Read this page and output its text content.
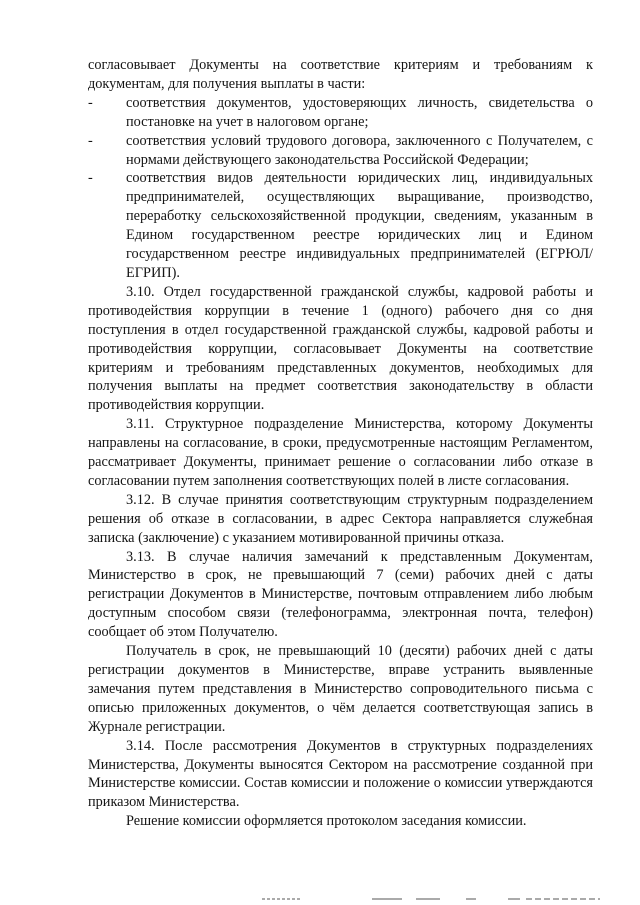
согласовывает Документы на соответствие критериям и требованиям к документам, для получения выплаты в части:

-	соответствия документов, удостоверяющих личность, свидетельства о постановке на учет в налоговом органе;
-	соответствия условий трудового договора, заключенного с Получателем, с нормами действующего законодательства Российской Федерации;
-	соответствия видов деятельности юридических лиц, индивидуальных предпринимателей, осуществляющих выращивание, производство, переработку сельскохозяйственной продукции, сведениям, указанным в Едином государственном реестре юридических лиц и Едином государственном реестре индивидуальных предпринимателей (ЕГРЮЛ/ЕГРИП).

3.10. Отдел государственной гражданской службы, кадровой работы и противодействия коррупции в течение 1 (одного) рабочего дня со дня поступления в отдел государственной гражданской службы, кадровой работы и противодействия коррупции, согласовывает Документы на соответствие критериям и требованиям представленных документов, необходимых для получения выплаты на предмет соответствия законодательству в области противодействия коррупции.

3.11. Структурное подразделение Министерства, которому Документы направлены на согласование, в сроки, предусмотренные настоящим Регламентом, рассматривает Документы, принимает решение о согласовании либо отказе в согласовании путем заполнения соответствующих полей в листе согласования.

3.12. В случае принятия соответствующим структурным подразделением решения об отказе в согласовании, в адрес Сектора направляется служебная записка (заключение) с указанием мотивированной причины отказа.

3.13. В случае наличия замечаний к представленным Документам, Министерство в срок, не превышающий 7 (семи) рабочих дней с даты регистрации Документов в Министерстве, почтовым отправлением либо любым доступным способом связи (телефонограмма, электронная почта, телефон) сообщает об этом Получателю.

Получатель в срок, не превышающий 10 (десяти) рабочих дней с даты регистрации документов в Министерстве, вправе устранить выявленные замечания путем представления в Министерство сопроводительного письма с описью приложенных документов, о чём делается соответствующая запись в Журнале регистрации.

3.14. После рассмотрения Документов в структурных подразделениях Министерства, Документы выносятся Сектором на рассмотрение созданной при Министерстве комиссии. Состав комиссии и положение о комиссии утверждаются приказом Министерства.

Решение комиссии оформляется протоколом заседания комиссии.
